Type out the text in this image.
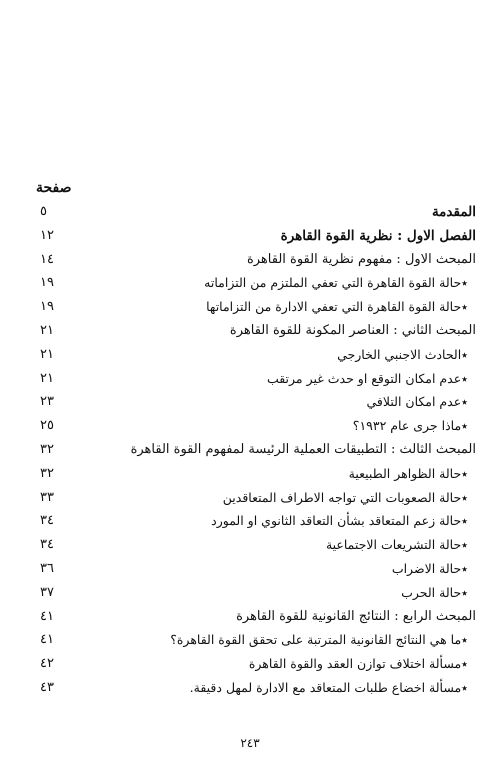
صفحة
المقدمة
٥
الفصل الاول : نظرية القوة القاهرة
١٢
المبحث الاول : مفهوم نظرية القوة القاهرة
١٤
٭حالة القوة القاهرة التي تعفي الملتزم من التزاماته
١٩
٭حالة القوة القاهرة التي تعفي الادارة من التزاماتها
١٩
المبحث الثاني : العناصر المكونة للقوة القاهرة
٢١
٭الحادث الاجنبي الخارجي
٢١
٭عدم امكان التوقع او حدث غير مرتقب
٢١
٭عدم امكان التلافي
٢٣
٭ماذا جرى عام ١٩٣٢؟
٢٥
المبحث الثالث : التطبيقات العملية الرئيسة لمفهوم القوة القاهرة
٣٢
٭حالة الظواهر الطبيعية
٣٢
٭حالة الصعوبات التي تواجه الاطراف المتعاقدين
٣٣
٭حالة زعم المتعاقد بشأن التعاقد الثانوي او المورد
٣٤
٭حالة التشريعات الاجتماعية
٣٤
٭حالة الاضراب
٣٦
٭حالة الحرب
٣٧
المبحث الرابع : النتائج القانونية للقوة القاهرة
٤١
٭ما هي النتائج القانونية المترتبة على تحقق القوة القاهرة؟
٤١
٭مسألة اختلاف توازن العقد والقوة القاهرة
٤٢
٭مسألة اخضاع طلبات المتعاقد مع الادارة لمهل دقيقة.
٤٣
٢٤٣
